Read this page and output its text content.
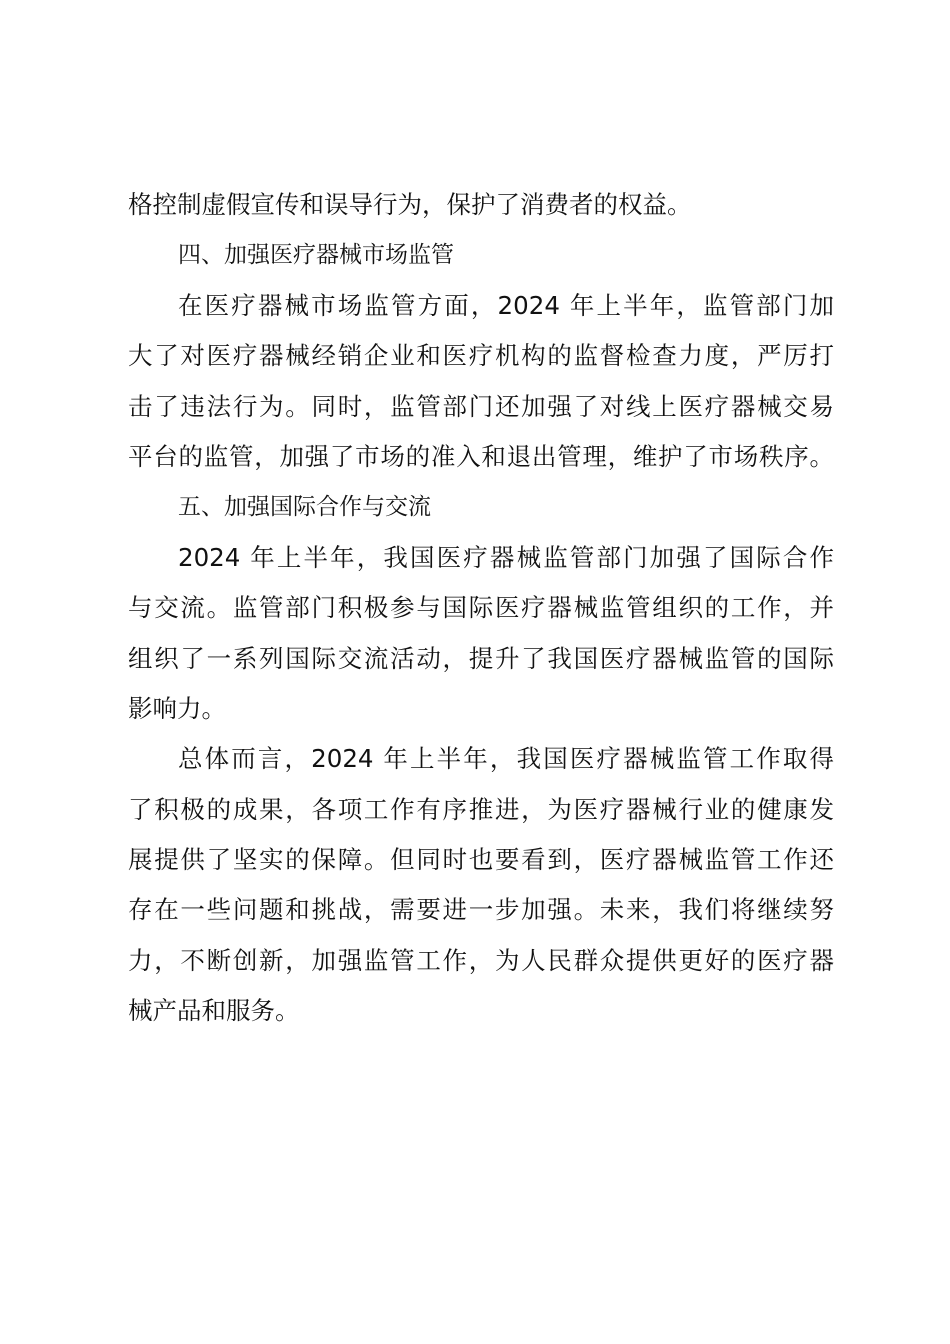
格控制虚假宣传和误导行为，保护了消费者的权益。
四、加强医疗器械市场监管
在医疗器械市场监管方面，2024 年上半年，监管部门加
大了对医疗器械经销企业和医疗机构的监督检查力度，严厉打
击了违法行为。同时，监管部门还加强了对线上医疗器械交易
平台的监管，加强了市场的准入和退出管理，维护了市场秩序。
五、加强国际合作与交流
2024 年上半年，我国医疗器械监管部门加强了国际合作
与交流。监管部门积极参与国际医疗器械监管组织的工作，并
组织了一系列国际交流活动，提升了我国医疗器械监管的国际
影响力。
总体而言，2024 年上半年，我国医疗器械监管工作取得
了积极的成果，各项工作有序推进，为医疗器械行业的健康发
展提供了坚实的保障。但同时也要看到，医疗器械监管工作还
存在一些问题和挑战，需要进一步加强。未来，我们将继续努
力，不断创新，加强监管工作，为人民群众提供更好的医疗器
械产品和服务。
